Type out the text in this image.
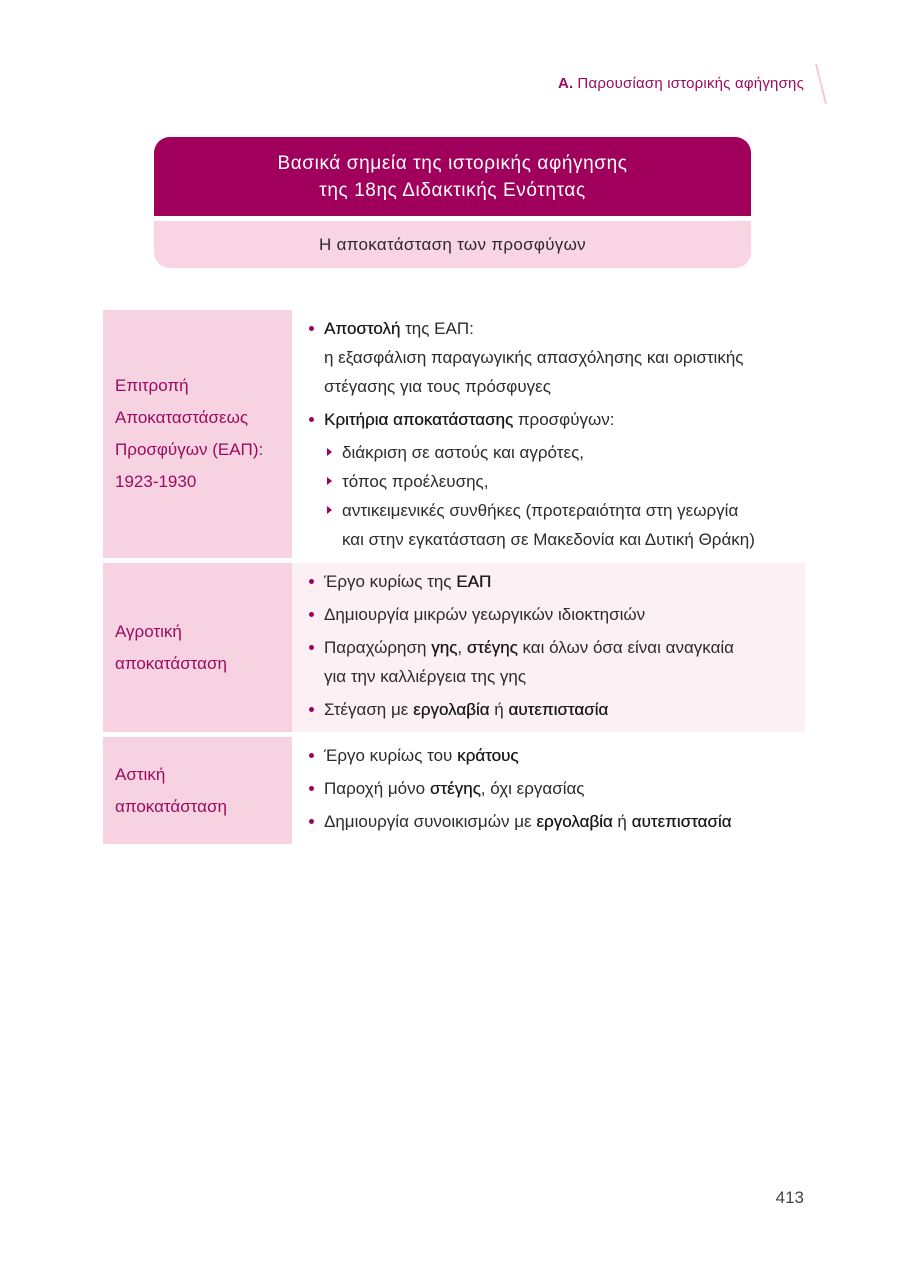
Α. Παρουσίαση ιστορικής αφήγησης
Βασικά σημεία της ιστορικής αφήγησης
της 18ης Διδακτικής Ενότητας
Η αποκατάσταση των προσφύγων
Επιτροπή
Αποκαταστάσεως
Προσφύγων (ΕΑΠ):
1923-1930
Αποστολή της ΕΑΠ:
η εξασφάλιση παραγωγικής απασχόλησης και οριστικής
στέγασης για τους πρόσφυγες
Κριτήρια αποκατάστασης προσφύγων:
διάκριση σε αστούς και αγρότες,
τόπος προέλευσης,
αντικειμενικές συνθήκες (προτεραιότητα στη γεωργία
και στην εγκατάσταση σε Μακεδονία και Δυτική Θράκη)
Αγροτική
αποκατάσταση
Έργο κυρίως της ΕΑΠ
Δημιουργία μικρών γεωργικών ιδιοκτησιών
Παραχώρηση γης, στέγης και όλων όσα είναι αναγκαία
για την καλλιέργεια της γης
Στέγαση με εργολαβία ή αυτεπιστασία
Αστική
αποκατάσταση
Έργο κυρίως του κράτους
Παροχή μόνο στέγης, όχι εργασίας
Δημιουργία συνοικισμών με εργολαβία ή αυτεπιστασία
413
